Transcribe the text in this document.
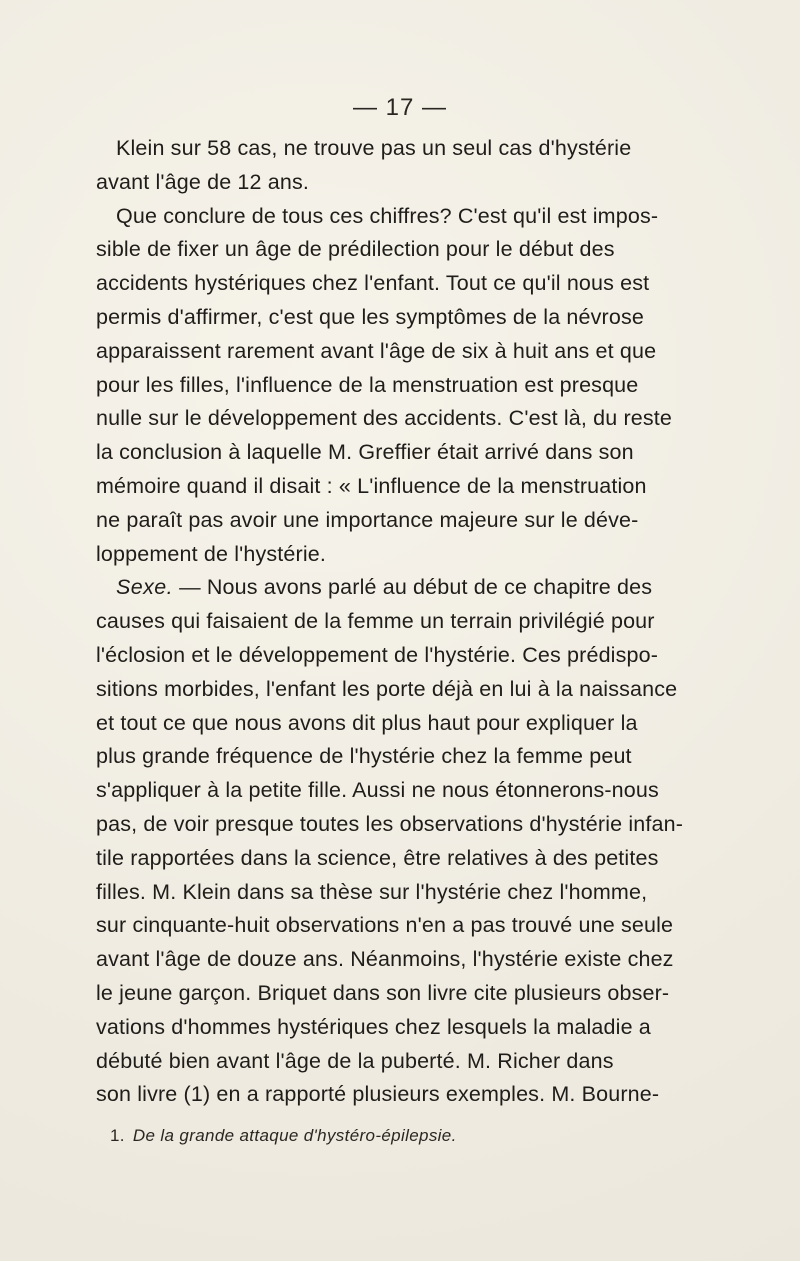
— 17 —
Klein sur 58 cas, ne trouve pas un seul cas d'hystérie
avant l'âge de 12 ans.
Que conclure de tous ces chiffres? C'est qu'il est impos-
sible de fixer un âge de prédilection pour le début des
accidents hystériques chez l'enfant. Tout ce qu'il nous est
permis d'affirmer, c'est que les symptômes de la névrose
apparaissent rarement avant l'âge de six à huit ans et que
pour les filles, l'influence de la menstruation est presque
nulle sur le développement des accidents. C'est là, du reste
la conclusion à laquelle M. Greffier était arrivé dans son
mémoire quand il disait : « L'influence de la menstruation
ne paraît pas avoir une importance majeure sur le déve-
loppement de l'hystérie.
Sexe. — Nous avons parlé au début de ce chapitre des
causes qui faisaient de la femme un terrain privilégié pour
l'éclosion et le développement de l'hystérie. Ces prédispo-
sitions morbides, l'enfant les porte déjà en lui à la naissance
et tout ce que nous avons dit plus haut pour expliquer la
plus grande fréquence de l'hystérie chez la femme peut
s'appliquer à la petite fille. Aussi ne nous étonnerons-nous
pas, de voir presque toutes les observations d'hystérie infan-
tile rapportées dans la science, être relatives à des petites
filles. M. Klein dans sa thèse sur l'hystérie chez l'homme,
sur cinquante-huit observations n'en a pas trouvé une seule
avant l'âge de douze ans. Néanmoins, l'hystérie existe chez
le jeune garçon. Briquet dans son livre cite plusieurs obser-
vations d'hommes hystériques chez lesquels la maladie a
débuté bien avant l'âge de la puberté. M. Richer dans
son livre (1) en a rapporté plusieurs exemples. M. Bourne-
1. De la grande attaque d'hystéro-épilepsie.
